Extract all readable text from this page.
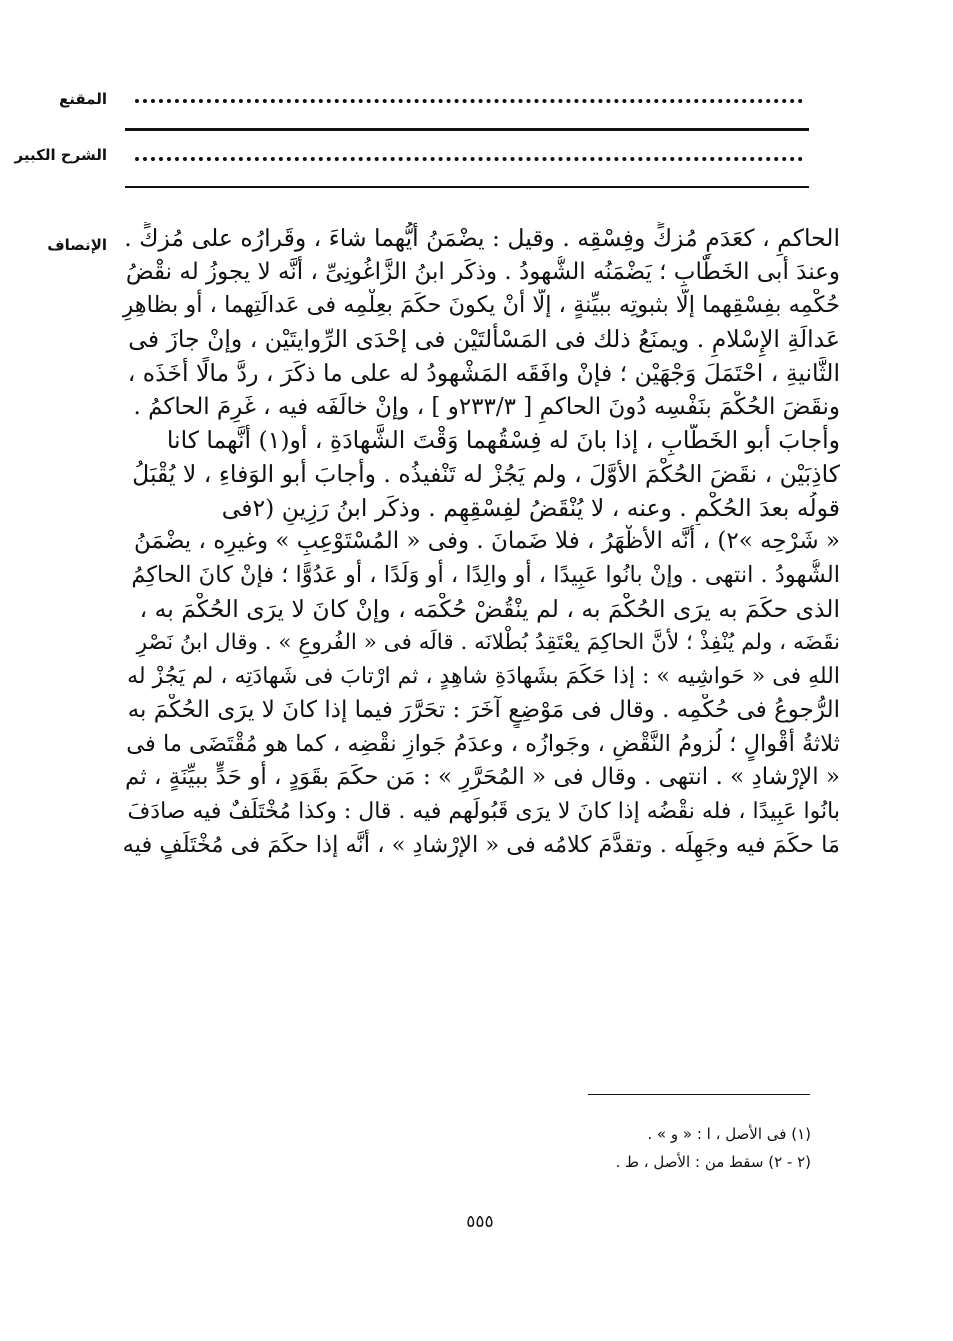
المقنع
الشرح الكبير
الإنصاف الحاكمِ ، كعَدَمِ مُزكٍّ وفِسْقِه . وقيل : يضْمَنُ أيُّهما شاءَ ، وقَرارُه على مُزكٍّ .
وعندَ أبى الخَطَّابِ ؛ يَضْمَنُه الشُّهودُ . وذكَر ابنُ الزَّاغُونِىِّ ، أنَّه لا يجوزُ له نقْضُ
حُكْمِه بفِسْقِهما إلَّا بثبوتِه ببيِّنةٍ ، إلَّا أنْ يكونَ حكَمَ بعِلْمِه فى عَدالَتِهما ، أو بظاهِرِ
عَدالَةِ الإِسْلامِ . ويمنَعُ ذلك فى المَسْأَلتَيْن فى إحْدَى الرِّوايتَيْن ، وإنْ جازَ فى
الثَّانيةِ ، احْتَمَلَ وَجْهَيْن ؛ فإنْ وافَقَه المَشْهودُ له على ما ذكَرَ ، ردَّ مالًا أخَذَه ،
ونقَضَ الحُكْمَ بنَفْسِه دُونَ الحاكمِ [ ٢٣٣/٣و ] ، وإنْ خالَفَه فيه ، غَرِمَ الحاكمُ .
وأجابَ أبو الخَطَّابِ ، إذا بانَ له فِسْقُهما وَقْتَ الشَّهادَةِ ، أو(١) أنَّهما كانا
كاذِبَيْن ، نقَضَ الحُكْمَ الأوَّلَ ، ولم يَجُزْ له تَنْفيذُه . وأجابَ أبو الوَفاءِ ، لا يُقْبَلُ
قولُه بعدَ الحُكْمِ . وعنه ، لا يُنْقَضُ لفِسْقِهِم . وذكَر ابنُ رَزِينٍ (٢فى
« شَرْحِه »٢) ، أنَّه الأظْهَرُ ، فلا ضَمانَ . وفى « المُسْتَوْعِبِ » وغيرِه ، يضْمَنُ
الشُّهودُ . انتهى . وإنْ بانُوا عَبِيدًا ، أو والِدًا ، أو وَلَدًا ، أو عَدُوًّا ؛ فإنْ كانَ الحاكِمُ
الذى حكَمَ به يرَى الحُكْمَ به ، لم ينْقُضْ حُكْمَه ، وإنْ كانَ لا يرَى الحُكْمَ به ،
نقَضَه ، ولم يُنْفِذْ ؛ لأنَّ الحاكِمَ يعْتَقِدُ بُطْلانَه . قالَه فى « الفُروعِ » . وقال ابنُ نَصْرِ
اللهِ فى « حَواشِيه » : إذا حَكَمَ بشَهادَةِ شاهِدٍ ، ثم ارْتابَ فى شَهادَتِه ، لم يَجُزْ له
الرُّجوعُ فى حُكْمِه . وقال فى مَوْضِعٍ آخَرَ : تحَرَّرَ فيما إذا كانَ لا يرَى الحُكْمَ به
ثلاثةُ أقْوالٍ ؛ لُزومُ النَّقْضِ ، وجَوازُه ، وعدَمُ جَوازِ نقْضِه ، كما هو مُقْتَضَى ما فى
« الإرْشادِ » . انتهى . وقال فى « المُحَرَّرِ » : مَن حكَمَ بقَوَدٍ ، أو حَدٍّ ببيِّنَةٍ ، ثم
بانُوا عَبِيدًا ، فله نقْضُه إذا كانَ لا يرَى قَبُولَهم فيه . قال : وكذا مُخْتَلَفٌ فيه صادَفَ
مَا حكَمَ فيه وجَهِلَه . وتقدَّمَ كلامُه فى « الإرْشادِ » ، أنَّه إذا حكَمَ فى مُخْتَلَفٍ فيه
(١) فى الأصل ، ا : « و » .
(٢ - ٢) سقط من : الأصل ، ط .
٥٥٥
